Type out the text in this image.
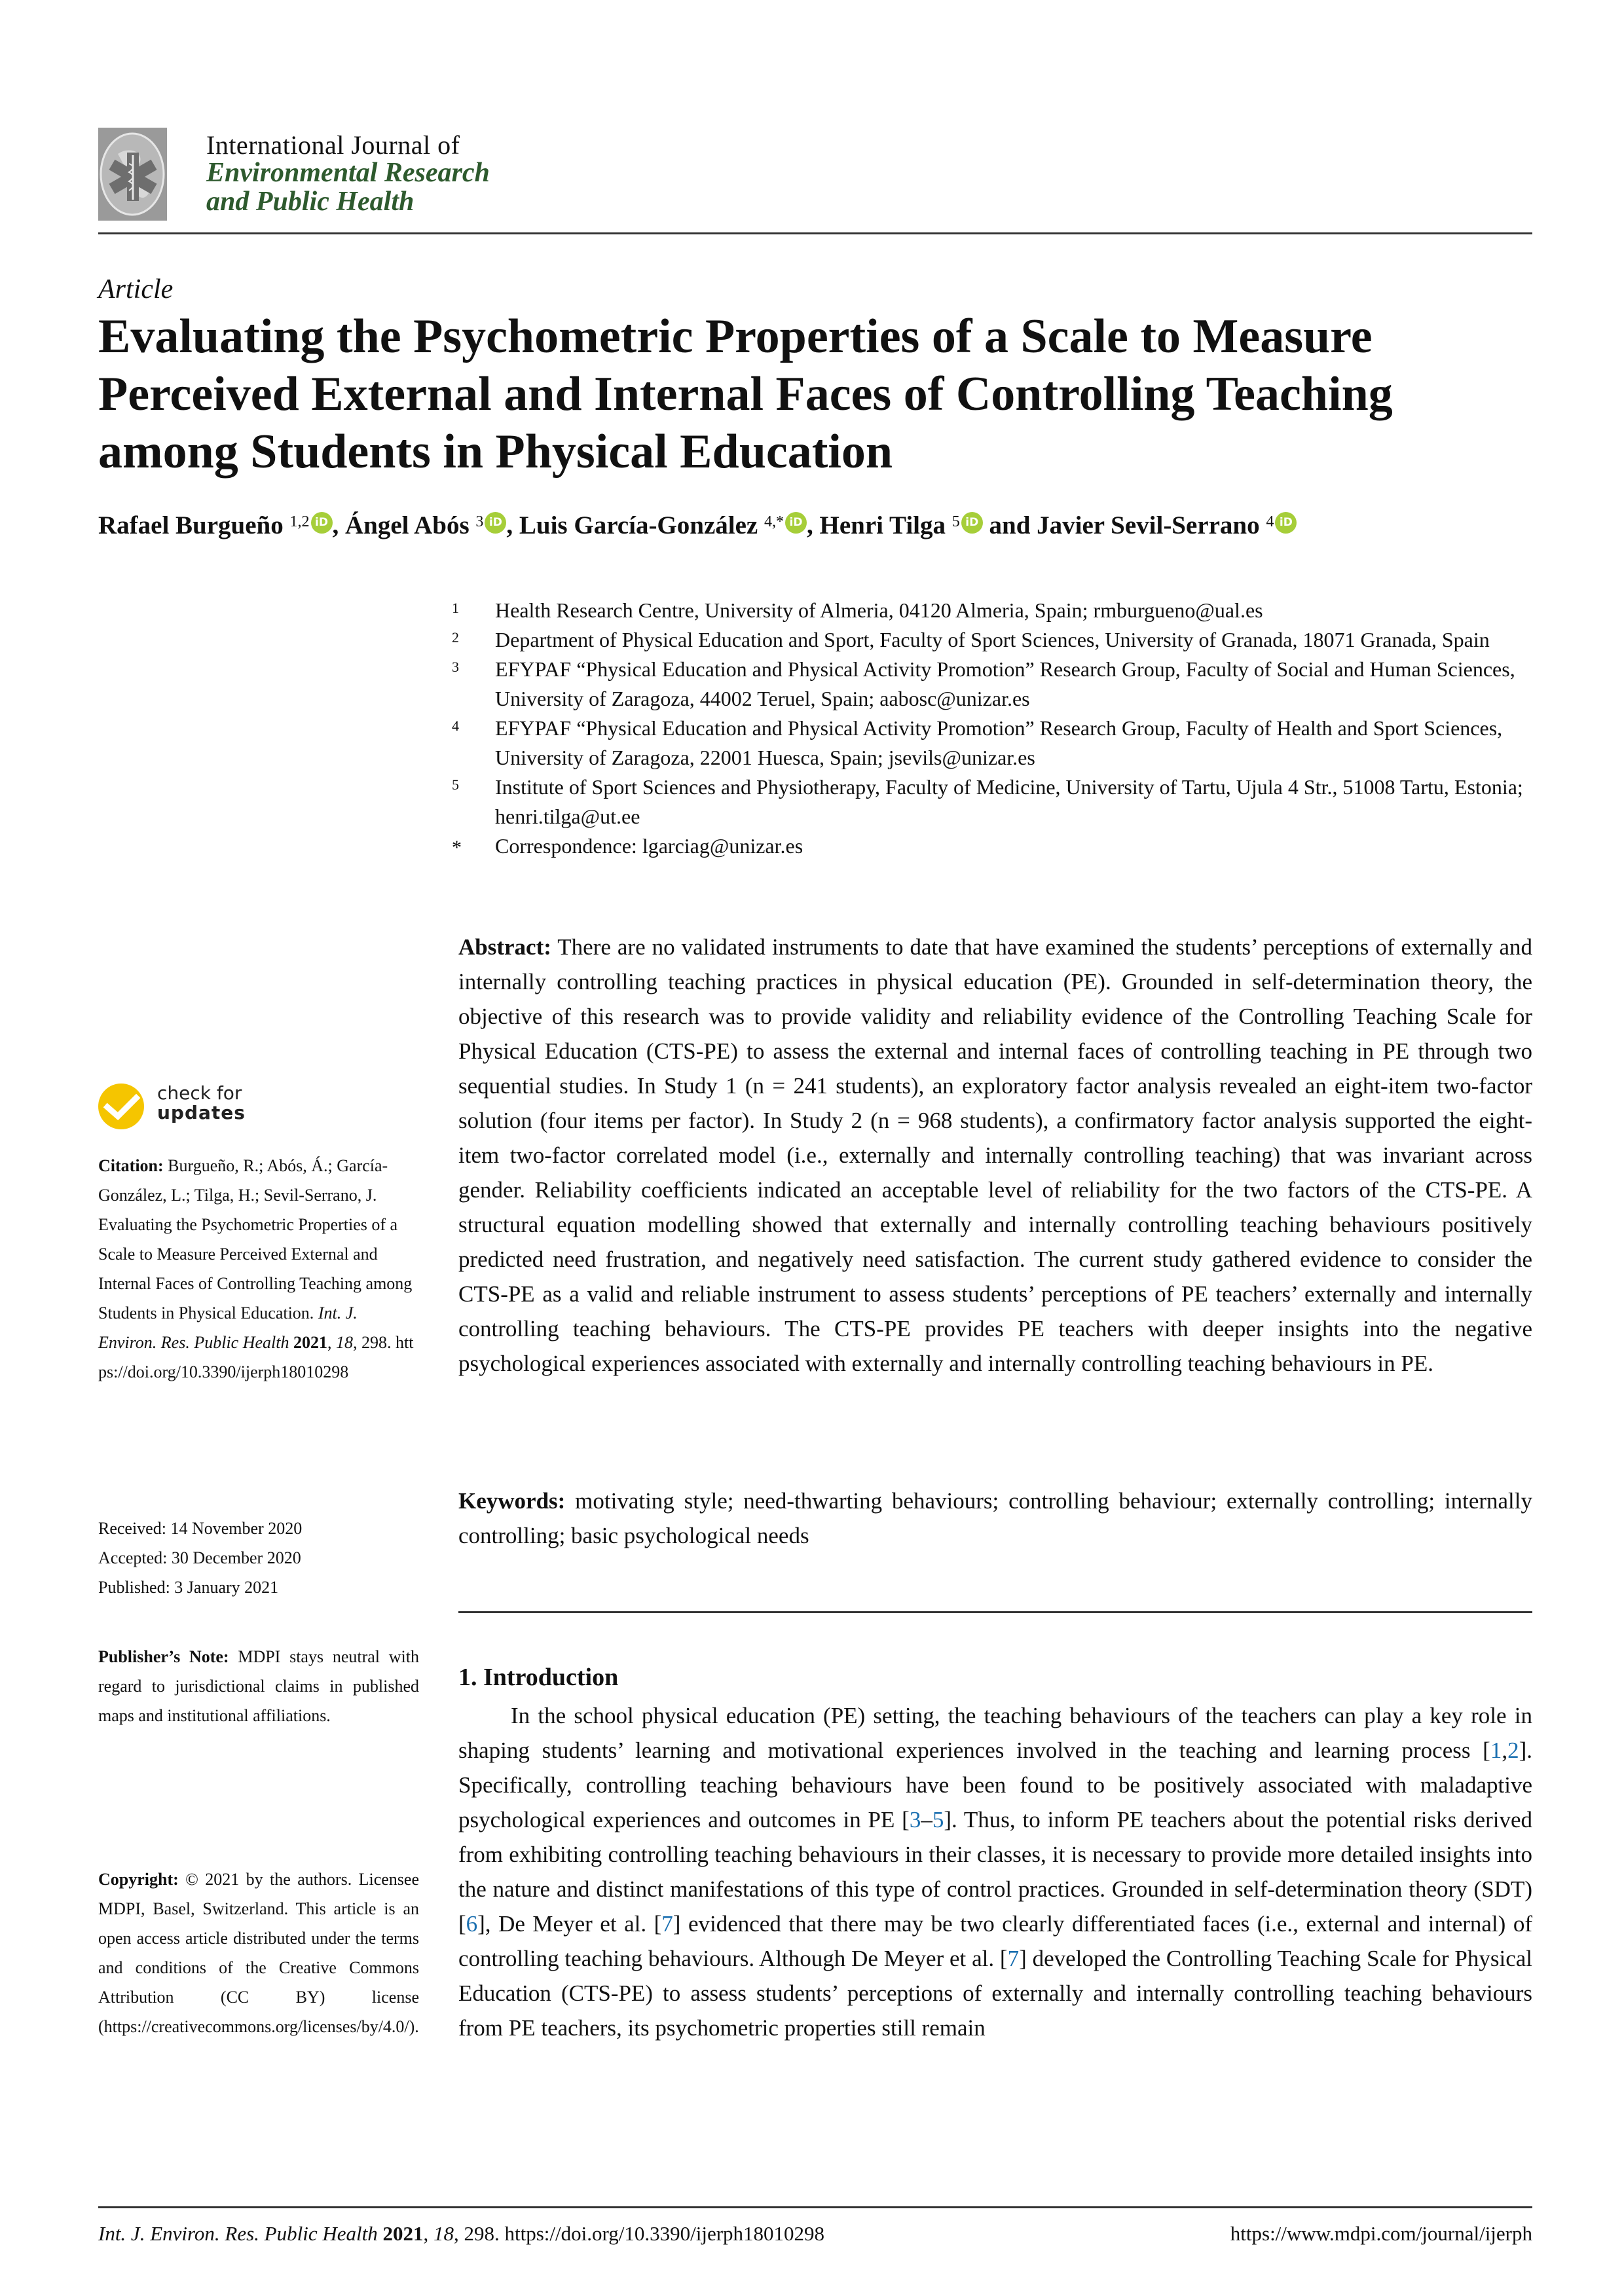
International Journal of
Environmental Research
and Public Health
Article
Evaluating the Psychometric Properties of a Scale to Measure Perceived External and Internal Faces of Controlling Teaching among Students in Physical Education
Rafael Burgueño $^{1,2}$ iD , Ángel Abós $^3$ iD , Luis García-González $^{4,*}$ iD , Henri Tilga $^5$ iD and Javier Sevil-Serrano $^4$ iD
1 Health Research Centre, University of Almeria, 04120 Almeria, Spain; rmburgueno@ual.es
2 Department of Physical Education and Sport, Faculty of Sport Sciences, University of Granada, 18071 Granada, Spain
3 EFYPAF “Physical Education and Physical Activity Promotion” Research Group, Faculty of Social and Human Sciences, University of Zaragoza, 44002 Teruel, Spain; aabosc@unizar.es
4 EFYPAF “Physical Education and Physical Activity Promotion” Research Group, Faculty of Health and Sport Sciences, University of Zaragoza, 22001 Huesca, Spain; jsevils@unizar.es
5 Institute of Sport Sciences and Physiotherapy, Faculty of Medicine, University of Tartu, Ujula 4 Str., 51008 Tartu, Estonia; henri.tilga@ut.ee
* Correspondence: lgarciag@unizar.es
check for
updates
Citation: Burgueño, R.; Abós, Á.; García-González, L.; Tilga, H.; Sevil-Serrano, J. Evaluating the Psychometric Properties of a Scale to Measure Perceived External and Internal Faces of Controlling Teaching among Students in Physical Education. Int. J. Environ. Res. Public Health 2021, 18, 298. https://doi.org/10.3390/ijerph18010298
Received: 14 November 2020
Accepted: 30 December 2020
Published: 3 January 2021
Publisher’s Note: MDPI stays neutral with regard to jurisdictional claims in published maps and institutional affiliations.
Copyright: © 2021 by the authors. Licensee MDPI, Basel, Switzerland. This article is an open access article distributed under the terms and conditions of the Creative Commons Attribution (CC BY) license (https://creativecommons.org/licenses/by/4.0/).
Abstract: There are no validated instruments to date that have examined the students’ perceptions of externally and internally controlling teaching practices in physical education (PE). Grounded in self-determination theory, the objective of this research was to provide validity and reliability evidence of the Controlling Teaching Scale for Physical Education (CTS-PE) to assess the external and internal faces of controlling teaching in PE through two sequential studies. In Study 1 (n = 241 students), an exploratory factor analysis revealed an eight-item two-factor solution (four items per factor). In Study 2 (n = 968 students), a confirmatory factor analysis supported the eight-item two-factor correlated model (i.e., externally and internally controlling teaching) that was invariant across gender. Reliability coefficients indicated an acceptable level of reliability for the two factors of the CTS-PE. A structural equation modelling showed that externally and internally controlling teaching behaviours positively predicted need frustration, and negatively need satisfaction. The current study gathered evidence to consider the CTS-PE as a valid and reliable instrument to assess students’ perceptions of PE teachers’ externally and internally controlling teaching behaviours. The CTS-PE provides PE teachers with deeper insights into the negative psychological experiences associated with externally and internally controlling teaching behaviours in PE.
Keywords: motivating style; need-thwarting behaviours; controlling behaviour; externally controlling; internally controlling; basic psychological needs
1. Introduction
In the school physical education (PE) setting, the teaching behaviours of the teachers can play a key role in shaping students’ learning and motivational experiences involved in the teaching and learning process [1,2]. Specifically, controlling teaching behaviours have been found to be positively associated with maladaptive psychological experiences and outcomes in PE [3–5]. Thus, to inform PE teachers about the potential risks derived from exhibiting controlling teaching behaviours in their classes, it is necessary to provide more detailed insights into the nature and distinct manifestations of this type of control practices. Grounded in self-determination theory (SDT) [6], De Meyer et al. [7] evidenced that there may be two clearly differentiated faces (i.e., external and internal) of controlling teaching behaviours. Although De Meyer et al. [7] developed the Controlling Teaching Scale for Physical Education (CTS-PE) to assess students’ perceptions of externally and internally controlling teaching behaviours from PE teachers, its psychometric properties still remain
Int. J. Environ. Res. Public Health 2021, 18, 298. https://doi.org/10.3390/ijerph18010298	https://www.mdpi.com/journal/ijerph
